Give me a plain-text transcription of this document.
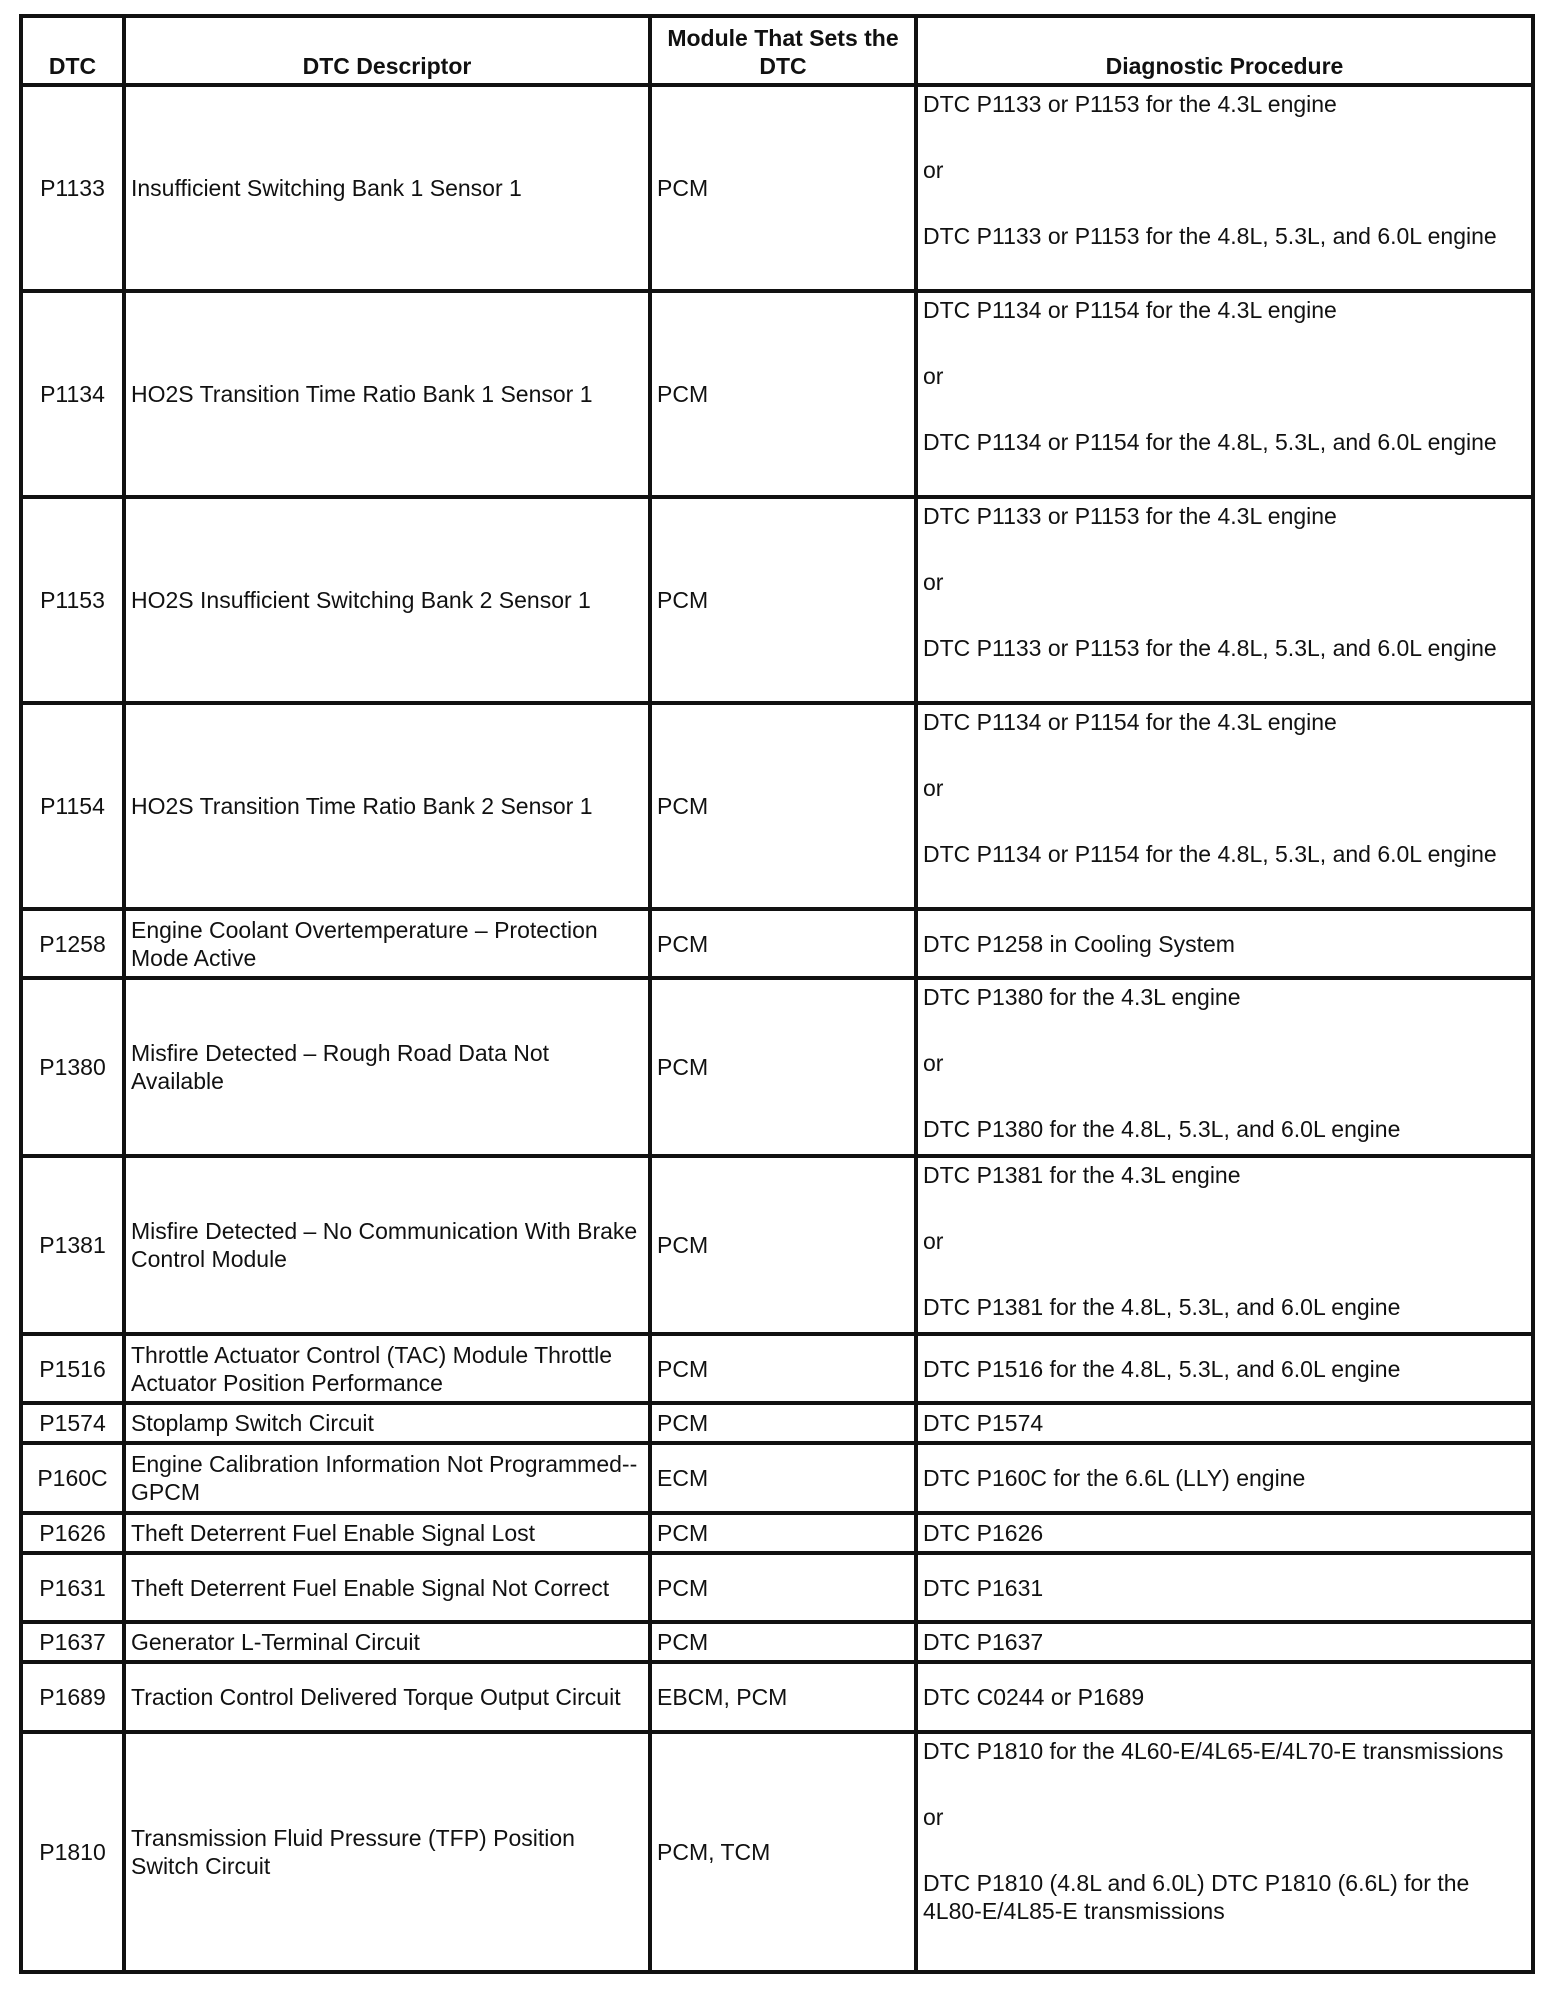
DTC	DTC Descriptor	Module That Sets the DTC	Diagnostic Procedure
P1133	Insufficient Switching Bank 1 Sensor 1	PCM	DTC P1133 or P1153 for the 4.3L engine
or
DTC P1133 or P1153 for the 4.8L, 5.3L, and 6.0L engine

P1134	HO2S Transition Time Ratio Bank 1 Sensor 1	PCM	DTC P1134 or P1154 for the 4.3L engine
or
DTC P1134 or P1154 for the 4.8L, 5.3L, and 6.0L engine

P1153	HO2S Insufficient Switching Bank 2 Sensor 1	PCM	DTC P1133 or P1153 for the 4.3L engine
or
DTC P1133 or P1153 for the 4.8L, 5.3L, and 6.0L engine

P1154	HO2S Transition Time Ratio Bank 2 Sensor 1	PCM	DTC P1134 or P1154 for the 4.3L engine
or
DTC P1134 or P1154 for the 4.8L, 5.3L, and 6.0L engine

P1258	Engine Coolant Overtemperature – Protection Mode Active	PCM	DTC P1258 in Cooling System

P1380	Misfire Detected – Rough Road Data Not Available	PCM	DTC P1380 for the 4.3L engine
or
DTC P1380 for the 4.8L, 5.3L, and 6.0L engine

P1381	Misfire Detected – No Communication With Brake Control Module	PCM	DTC P1381 for the 4.3L engine
or
DTC P1381 for the 4.8L, 5.3L, and 6.0L engine

P1516	Throttle Actuator Control (TAC) Module Throttle Actuator Position Performance	PCM	DTC P1516 for the 4.8L, 5.3L, and 6.0L engine

P1574	Stoplamp Switch Circuit	PCM	DTC P1574

P160C	Engine Calibration Information Not Programmed--GPCM	ECM	DTC P160C for the 6.6L (LLY) engine

P1626	Theft Deterrent Fuel Enable Signal Lost	PCM	DTC P1626

P1631	Theft Deterrent Fuel Enable Signal Not Correct	PCM	DTC P1631

P1637	Generator L-Terminal Circuit	PCM	DTC P1637

P1689	Traction Control Delivered Torque Output Circuit	EBCM, PCM	DTC C0244 or P1689

P1810	Transmission Fluid Pressure (TFP) Position Switch Circuit	PCM, TCM	DTC P1810 for the 4L60-E/4L65-E/4L70-E transmissions
or
DTC P1810 (4.8L and 6.0L) DTC P1810 (6.6L) for the 4L80-E/4L85-E transmissions
